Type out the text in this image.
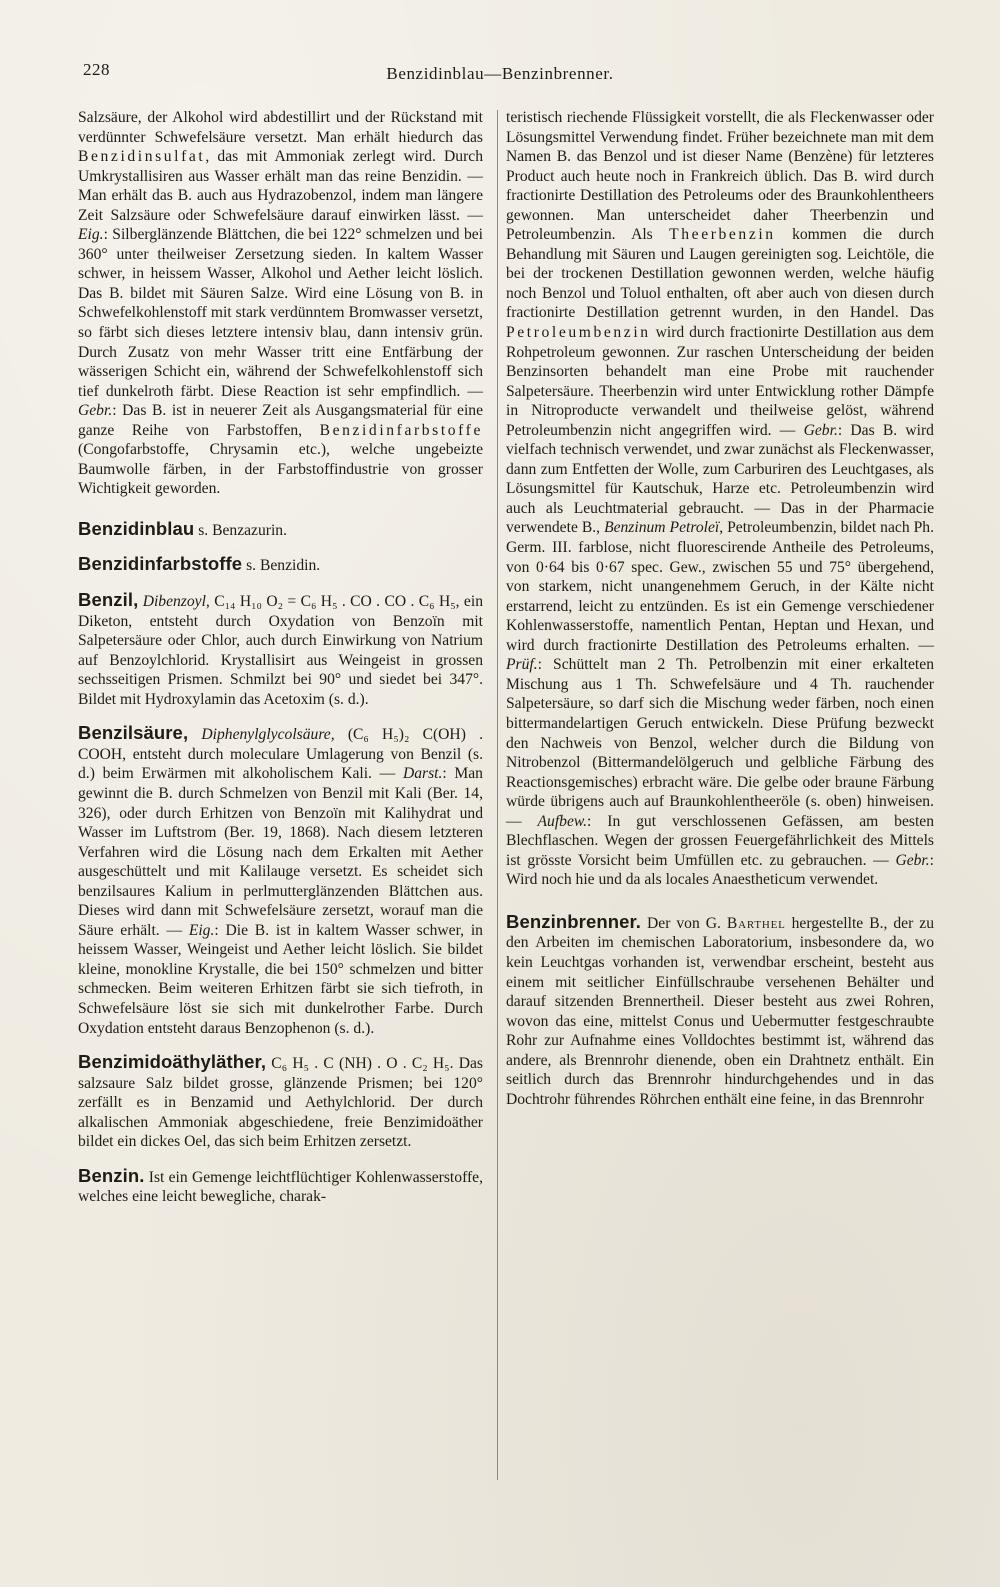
228	Benzidinblau—Benzinbrenner.

Salzsäure, der Alkohol wird abdestillirt und der Rückstand mit verdünnter Schwefelsäure versetzt. Man erhält hiedurch das Benzidinsulfat, das mit Ammoniak zerlegt wird. Durch Umkrystallisiren aus Wasser erhält man das reine Benzidin. — Man erhält das B. auch aus Hydrazobenzol, indem man längere Zeit Salzsäure oder Schwefelsäure darauf einwirken lässt. — Eig.: Silberglänzende Blättchen, die bei 122° schmelzen und bei 360° unter theilweiser Zersetzung sieden. In kaltem Wasser schwer, in heissem Wasser, Alkohol und Aether leicht löslich. Das B. bildet mit Säuren Salze. Wird eine Lösung von B. in Schwefelkohlenstoff mit stark verdünntem Bromwasser versetzt, so färbt sich dieses letztere intensiv blau, dann intensiv grün. Durch Zusatz von mehr Wasser tritt eine Entfärbung der wässerigen Schicht ein, während der Schwefelkohlenstoff sich tief dunkelroth färbt. Diese Reaction ist sehr empfindlich. — Gebr.: Das B. ist in neuerer Zeit als Ausgangsmaterial für eine ganze Reihe von Farbstoffen, Benzidinfarbstoffe (Congofarbstoffe, Chrysamin etc.), welche ungebeizte Baumwolle färben, in der Farbstoffindustrie von grosser Wichtigkeit geworden.

Benzidinblau s. Benzazurin.

Benzidinfarbstoffe s. Benzidin.

Benzil, Dibenzoyl, C₁₄ H₁₀ O₂ = C₆ H₅ . CO . CO . C₆ H₅, ein Diketon, entsteht durch Oxydation von Benzoïn mit Salpetersäure oder Chlor, auch durch Einwirkung von Natrium auf Benzoylchlorid. Krystallisirt aus Weingeist in grossen sechsseitigen Prismen. Schmilzt bei 90° und siedet bei 347°. Bildet mit Hydroxylamin das Acetoxim (s. d.).

Benzilsäure, Diphenylglycolsäure, (C₆ H₅)₂ C(OH) . COOH, entsteht durch moleculare Umlagerung von Benzil (s. d.) beim Erwärmen mit alkoholischem Kali. — Darst.: Man gewinnt die B. durch Schmelzen von Benzil mit Kali (Ber. 14, 326), oder durch Erhitzen von Benzoïn mit Kalihydrat und Wasser im Luftstrom (Ber. 19, 1868). Nach diesem letzteren Verfahren wird die Lösung nach dem Erkalten mit Aether ausgeschüttelt und mit Kalilauge versetzt. Es scheidet sich benzilsaures Kalium in perlmutterglänzenden Blättchen aus. Dieses wird dann mit Schwefelsäure zersetzt, worauf man die Säure erhält. — Eig.: Die B. ist in kaltem Wasser schwer, in heissem Wasser, Weingeist und Aether leicht löslich. Sie bildet kleine, monokline Krystalle, die bei 150° schmelzen und bitter schmecken. Beim weiteren Erhitzen färbt sie sich tiefroth, in Schwefelsäure löst sie sich mit dunkelrother Farbe. Durch Oxydation entsteht daraus Benzophenon (s. d.).

Benzimidoäthyläther, C₆ H₅ . C (NH) . O . C₂ H₅. Das salzsaure Salz bildet grosse, glänzende Prismen; bei 120° zerfällt es in Benzamid und Aethylchlorid. Der durch alkalischen Ammoniak abgeschiedene, freie Benzimidoäther bildet ein dickes Oel, das sich beim Erhitzen zersetzt.

Benzin. Ist ein Gemenge leichtflüchtiger Kohlenwasserstoffe, welches eine leicht bewegliche, charak-

teristisch riechende Flüssigkeit vorstellt, die als Fleckenwasser oder Lösungsmittel Verwendung findet. Früher bezeichnete man mit dem Namen B. das Benzol und ist dieser Name (Benzène) für letzteres Product auch heute noch in Frankreich üblich. Das B. wird durch fractionirte Destillation des Petroleums oder des Braunkohlentheers gewonnen. Man unterscheidet daher Theerbenzin und Petroleumbenzin. Als Theerbenzin kommen die durch Behandlung mit Säuren und Laugen gereinigten sog. Leichtöle, die bei der trockenen Destillation gewonnen werden, welche häufig noch Benzol und Toluol enthalten, oft aber auch von diesen durch fractionirte Destillation getrennt wurden, in den Handel. Das Petroleumbenzin wird durch fractionirte Destillation aus dem Rohpetroleum gewonnen. Zur raschen Unterscheidung der beiden Benzinsorten behandelt man eine Probe mit rauchender Salpetersäure. Theerbenzin wird unter Entwicklung rother Dämpfe in Nitroproducte verwandelt und theilweise gelöst, während Petroleumbenzin nicht angegriffen wird. — Gebr.: Das B. wird vielfach technisch verwendet, und zwar zunächst als Fleckenwasser, dann zum Entfetten der Wolle, zum Carburiren des Leuchtgases, als Lösungsmittel für Kautschuk, Harze etc. Petroleumbenzin wird auch als Leuchtmaterial gebraucht. — Das in der Pharmacie verwendete B., Benzinum Petroleï, Petroleumbenzin, bildet nach Ph. Germ. III. farblose, nicht fluorescirende Antheile des Petroleums, von 0·64 bis 0·67 spec. Gew., zwischen 55 und 75° übergehend, von starkem, nicht unangenehmem Geruch, in der Kälte nicht erstarrend, leicht zu entzünden. Es ist ein Gemenge verschiedener Kohlenwasserstoffe, namentlich Pentan, Heptan und Hexan, und wird durch fractionirte Destillation des Petroleums erhalten. — Prüf.: Schüttelt man 2 Th. Petrolbenzin mit einer erkalteten Mischung aus 1 Th. Schwefelsäure und 4 Th. rauchender Salpetersäure, so darf sich die Mischung weder färben, noch einen bittermandelartigen Geruch entwickeln. Diese Prüfung bezweckt den Nachweis von Benzol, welcher durch die Bildung von Nitrobenzol (Bittermandelölgeruch und gelbliche Färbung des Reactionsgemisches) erbracht wäre. Die gelbe oder braune Färbung würde übrigens auch auf Braunkohlentheeröle (s. oben) hinweisen. — Aufbew.: In gut verschlossenen Gefässen, am besten Blechflaschen. Wegen der grossen Feuergefährlichkeit des Mittels ist grösste Vorsicht beim Umfüllen etc. zu gebrauchen. — Gebr.: Wird noch hie und da als locales Anaestheticum verwendet.

Benzinbrenner. Der von G. Barthel hergestellte B., der zu den Arbeiten im chemischen Laboratorium, insbesondere da, wo kein Leuchtgas vorhanden ist, verwendbar erscheint, besteht aus einem mit seitlicher Einfüllschraube versehenen Behälter und darauf sitzenden Brennertheil. Dieser besteht aus zwei Rohren, wovon das eine, mittelst Conus und Uebermutter festgeschraubte Rohr zur Aufnahme eines Volldochtes bestimmt ist, während das andere, als Brennrohr dienende, oben ein Drahtnetz enthält. Ein seitlich durch das Brennrohr hindurchgehendes und in das Dochtrohr führendes Röhrchen enthält eine feine, in das Brennrohr
